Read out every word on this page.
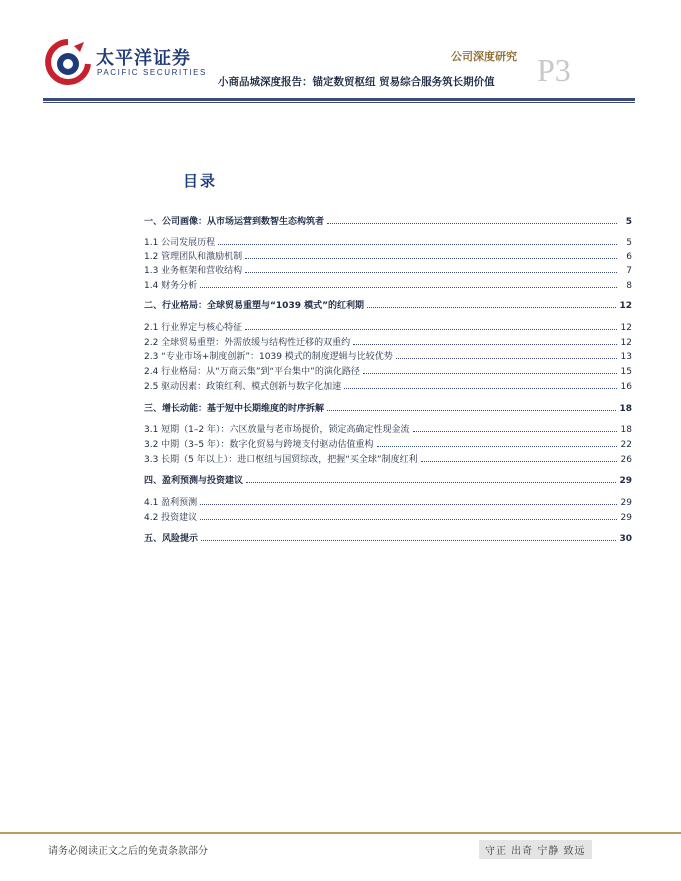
太平洋证券
PACIFIC SECURITIES
公司深度研究 P3
小商品城深度报告：锚定数贸枢纽 贸易综合服务筑长期价值
目录
一、公司画像：从市场运营到数智生态构筑者	5
1.1 公司发展历程	5
1.2 管理团队和激励机制	6
1.3 业务框架和营收结构	7
1.4 财务分析	8
二、行业格局：全球贸易重塑与“1039 模式”的红利期	12
2.1 行业界定与核心特征	12
2.2 全球贸易重塑：外需放缓与结构性迁移的双重约	12
2.3 “专业市场+制度创新”：1039 模式的制度逻辑与比较优势	13
2.4 行业格局：从“万商云集”到“平台集中”的演化路径	15
2.5 驱动因素：政策红利、模式创新与数字化加速	16
三、增长动能：基于短中长期维度的时序拆解	18
3.1 短期（1–2 年）：六区放量与老市场提价，锁定高确定性现金流	18
3.2 中期（3–5 年）：数字化贸易与跨境支付驱动估值重构	22
3.3 长期（5 年以上）：进口枢纽与国贸综改，把握“买全球”制度红利	26
四、盈利预测与投资建议	29
4.1 盈利预测	29
4.2 投资建议	29
五、风险提示	30
请务必阅读正文之后的免责条款部分	守正 出奇 宁静 致远
